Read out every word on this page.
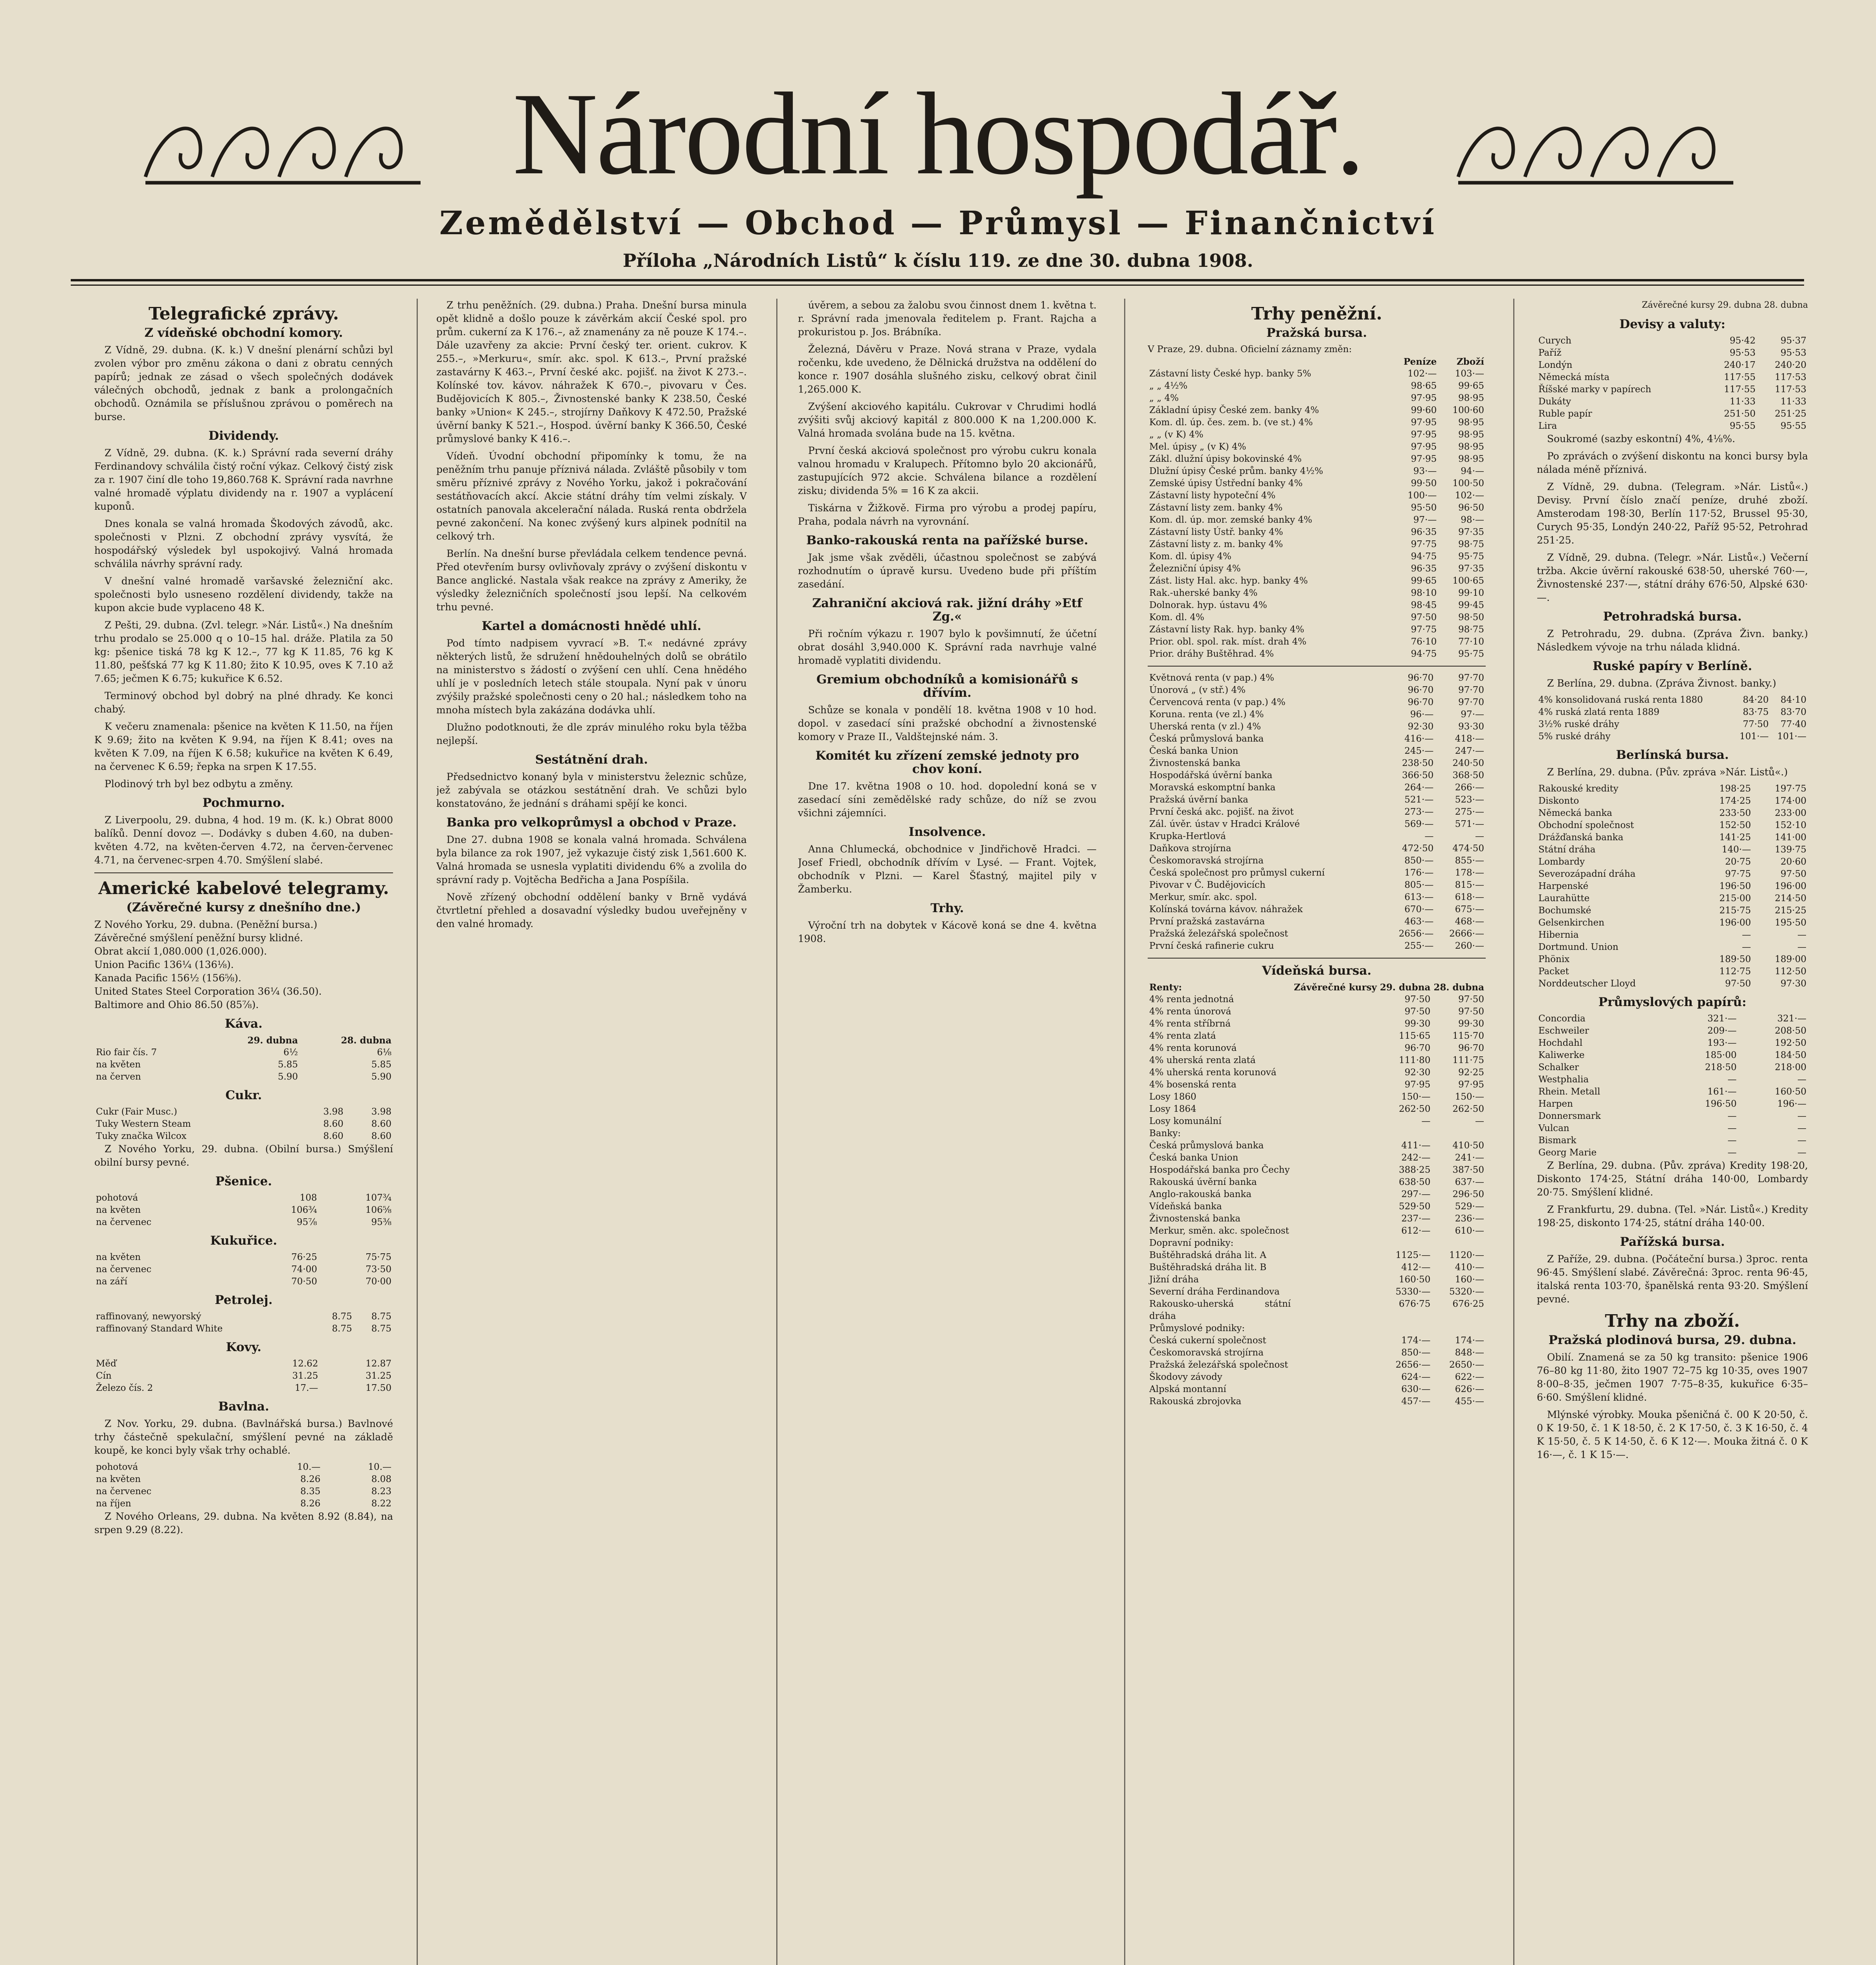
Národní hospodář.
Zemědělství — Obchod — Průmysl — Finančnictví
Příloha „Národních Listů“ k číslu 119. ze dne 30. dubna 1908.
Telegrafické zprávy.
Z vídeňské obchodní komory.

Z Vídně, 29. dubna. (K. k.) V dnešní plenární schůzi byl zvolen výbor pro změnu zákona o dani z obratu cenných papírů; jednak ze zásad o všech společných dodávek válečných obchodů, jednak z bank a prolongačních obchodů. Oznámila se příslušnou zprávou o poměrech na burse.

Dividendy.

Z Vídně, 29. dubna. (K. k.) Správní rada severní dráhy Ferdinandovy schválila čistý roční výkaz. Celkový čistý zisk za r. 1907 činí dle toho 19,860.768 K. Správní rada navrhne valné hromadě výplatu dividendy na r. 1907 a vyplácení kuponů.

Dnes konala se valná hromada Škodových závodů, akc. společnosti v Plzni. Z obchodní zprávy vysvítá, že hospodářský výsledek byl uspokojivý. Valná hromada schválila návrhy správní rady.

V dnešní valné hromadě varšavské železniční akc. společnosti bylo usneseno rozdělení dividendy, takže na kupon akcie bude vyplaceno 48 K.

Z Pešti, 29. dubna. (Zvl. telegr. »Nár. Listů«.) Na dnešním trhu prodalo se 25.000 q o 10–15 hal. dráže. Platila za 50 kg: pšenice tiská 78 kg K 12.–, 77 kg K 11.85, 76 kg K 11.80, pešťská 77 kg K 11.80; žito K 10.95, oves K 7.10 až 7.65; ječmen K 6.75; kukuřice K 6.52.

Terminový obchod byl dobrý na plné dhrady. Ke konci chabý.

K večeru znamenala: pšenice na květen K 11.50, na říjen K 9.69; žito na květen K 9.94, na říjen K 8.41; oves na květen K 7.09, na říjen K 6.58; kukuřice na květen K 6.49, na červenec K 6.59; řepka na srpen K 17.55.

Plodinový trh byl bez odbytu a změny.

Pochmurno.

Z Liverpoolu, 29. dubna, 4 hod. 19 m. (K. k.) Obrat 8000 balíků. Denní dovoz —. Dodávky s duben 4.60, na duben-květen 4.72, na květen-červen 4.72, na červen-červenec 4.71, na červenec-srpen 4.70. Smýšlení slabé.

Americké kabelové telegramy.
(Závěrečné kursy z dnešního dne.)
Z Nového Yorku, 29. dubna. (Peněžní bursa.)
Závěrečné smýšlení peněžní bursy klidné.
Obrat akcií 1,080.000 (1,026.000).
Union Pacific 136¼ (136⅛).
Kanada Pacific 156½ (156⅝).
United States Steel Corporation 36¼ (36.50).
Baltimore and Ohio 86.50 (85⅞).
Káva.
	29. dubna	28. dubna
Rio fair čís. 7	6½	6⅛
na květen	5.85	5.85
na červen	5.90	5.90
Cukr.
Cukr (Fair Musc.)	3.98	3.98
Tuky Western Steam	8.60	8.60
Tuky značka Wilcox	8.60	8.60

Z Nového Yorku, 29. dubna. (Obilní bursa.) Smýšlení obilní bursy pevné.

Pšenice.
pohotová	108	107¾
na květen	106¾	106⅝
na červenec	95⅞	95⅜
Kukuřice.
na květen	76·25	75·75
na červenec	74·00	73·50
na září	70·50	70·00
Petrolej.
raffinovaný, newyorský	8.75	8.75
raffinovaný Standard White	8.75	8.75
Kovy.
Měď	12.62	12.87
Cín	31.25	31.25
Železo čís. 2	17.—	17.50
Bavlna.

Z Nov. Yorku, 29. dubna. (Bavlnářská bursa.) Bavlnové trhy částečně spekulační, smýšlení pevné na základě koupě, ke konci byly však trhy ochablé.

pohotová	10.—	10.—
na květen	8.26	8.08
na červenec	8.35	8.23
na říjen	8.26	8.22

Z Nového Orleans, 29. dubna. Na květen 8.92 (8.84), na srpen 9.29 (8.22).

Z trhu peněžních. (29. dubna.) Praha. Dnešní bursa minula opět klidně a došlo pouze k závěrkám akcií České spol. pro prům. cukerní za K 176.–, až znamenány za ně pouze K 174.–. Dále uzavřeny za akcie: První český ter. orient. cukrov. K 255.–, »Merkuru«, smír. akc. spol. K 613.–, První pražské zastavárny K 463.–, První české akc. pojišť. na život K 273.–. Kolínské tov. kávov. náhražek K 670.–, pivovaru v Čes. Budějovicích K 805.–, Živnostenské banky K 238.50, České banky »Union« K 245.–, strojírny Daňkovy K 472.50, Pražské úvěrní banky K 521.–, Hospod. úvěrní banky K 366.50, České průmyslové banky K 416.–.

Vídeň. Úvodní obchodní připomínky k tomu, že na peněžním trhu panuje příznivá nálada. Zvláště působily v tom směru příznivé zprávy z Nového Yorku, jakož i pokračování sestátňovacích akcí. Akcie státní dráhy tím velmi získaly. V ostatních panovala akcelerační nálada. Ruská renta obdržela pevné zakončení. Na konec zvýšený kurs alpinek podnítil na celkový trh.

Berlín. Na dnešní burse převládala celkem tendence pevná. Před otevřením bursy ovlivňovaly zprávy o zvýšení diskontu v Bance anglické. Nastala však reakce na zprávy z Ameriky, že výsledky železničních společností jsou lepší. Na celkovém trhu pevné.

Kartel a domácnosti hnědé uhlí.

Pod tímto nadpisem vyvrací »B. T.« nedávné zprávy některých listů, že sdružení hnědouhelných dolů se obrátilo na ministerstvo s žádostí o zvýšení cen uhlí. Cena hnědého uhlí je v posledních letech stále stoupala. Nyní pak v únoru zvýšily pražské společnosti ceny o 20 hal.; následkem toho na mnoha místech byla zakázána dodávka uhlí.

Dlužno podotknouti, že dle zpráv minulého roku byla těžba nejlepší.

Sestátnění drah.

Předsednictvo konaný byla v ministerstvu železnic schůze, jež zabývala se otázkou sestátnění drah. Ve schůzi bylo konstatováno, že jednání s dráhami spějí ke konci.

Banka pro velkoprůmysl a obchod v Praze.

Dne 27. dubna 1908 se konala valná hromada. Schválena byla bilance za rok 1907, jež vykazuje čistý zisk 1,561.600 K. Valná hromada se usnesla vyplatiti dividendu 6% a zvolila do správní rady p. Vojtěcha Bedřicha a Jana Pospíšila.

Nově zřízený obchodní oddělení banky v Brně vydává čtvrtletní přehled a dosavadní výsledky budou uveřejněny v den valné hromady.

úvěrem, a sebou za žalobu svou činnost dnem 1. května t. r. Správní rada jmenovala ředitelem p. Frant. Rajcha a prokuristou p. Jos. Brábníka.

Železná, Dávěru v Praze. Nová strana v Praze, vydala ročenku, kde uvedeno, že Dělnická družstva na oddělení do konce r. 1907 dosáhla slušného zisku, celkový obrat činil 1,265.000 K.

Zvýšení akciového kapitálu. Cukrovar v Chrudimi hodlá zvýšiti svůj akciový kapitál z 800.000 K na 1,200.000 K. Valná hromada svolána bude na 15. května.

První česká akciová společnost pro výrobu cukru konala valnou hromadu v Kralupech. Přítomno bylo 20 akcionářů, zastupujících 972 akcie. Schválena bilance a rozdělení zisku; dividenda 5% = 16 K za akcii.

Tiskárna v Žižkově. Firma pro výrobu a prodej papíru, Praha, podala návrh na vyrovnání.

Banko-rakouská renta na pařížské burse.

Jak jsme však zvěděli, účastnou společnost se zabývá rozhodnutím o úpravě kursu. Uvedeno bude při příštím zasedání.

Zahraniční akciová rak. jižní dráhy »Etf Zg.«

Při ročním výkazu r. 1907 bylo k povšimnutí, že účetní obrat dosáhl 3,940.000 K. Správní rada navrhuje valné hromadě vyplatiti dividendu.

Gremium obchodníků a komisionářů s dřívím.

Schůze se konala v pondělí 18. května 1908 v 10 hod. dopol. v zasedací síni pražské obchodní a živnostenské komory v Praze II., Valdštejnské nám. 3.

Komitét ku zřízení zemské jednoty pro chov koní.

Dne 17. května 1908 o 10. hod. dopolední koná se v zasedací síni zemědělské rady schůze, do níž se zvou všichni zájemníci.

Insolvence.

Anna Chlumecká, obchodnice v Jindřichově Hradci. — Josef Friedl, obchodník dřívím v Lysé. — Frant. Vojtek, obchodník v Plzni. — Karel Šťastný, majitel pily v Žamberku.

Trhy.

Výroční trh na dobytek v Kácově koná se dne 4. května 1908.

Trhy peněžní.
Pražská bursa.
V Praze, 29. dubna. Oficielní záznamy změn:
	Peníze	Zboží
Zástavní listy České hyp. banky 5%	102·—	103·—
„ „ 4½%	98·65	99·65
„ „ 4%	97·95	98·95
Základní úpisy České zem. banky 4%	99·60	100·60
Kom. dl. úp. čes. zem. b. (ve st.) 4%	97·95	98·95
„ „ (v K) 4%	97·95	98·95
Mel. úpisy „ (v K) 4%	97·95	98·95
Zákl. dlužní úpisy bokovinské 4%	97·95	98·95
Dlužní úpisy České prům. banky 4½%	93·—	94·—
Zemské úpisy Ústřední banky 4%	99·50	100·50
Zástavní listy hypoteční 4%	100·—	102·—
Zástavní listy zem. banky 4%	95·50	96·50
Kom. dl. úp. mor. zemské banky 4%	97·—	98·—
Zástavní listy Ústř. banky 4%	96·35	97·35
Zástavní listy z. m. banky 4%	97·75	98·75
Kom. dl. úpisy 4%	94·75	95·75
Železniční úpisy 4%	96·35	97·35
Zást. listy Hal. akc. hyp. banky 4%	99·65	100·65
Rak.-uherské banky 4%	98·10	99·10
Dolnorak. hyp. ústavu 4%	98·45	99·45
Kom. dl. 4%	97·50	98·50
Zástavní listy Rak. hyp. banky 4%	97·75	98·75
Prior. obl. spol. rak. míst. drah 4%	76·10	77·10
Prior. dráhy Buštěhrad. 4%	94·75	95·75
Květnová renta (v pap.) 4%	96·70	97·70
Únorová „ (v stř.) 4%	96·70	97·70
Červencová renta (v pap.) 4%	96·70	97·70
Koruna. renta (ve zl.) 4%	96·—	97·—
Uherská renta (v zl.) 4%	92·30	93·30
Česká průmyslová banka	416·—	418·—
Česká banka Union	245·—	247·—
Živnostenská banka	238·50	240·50
Hospodářská úvěrní banka	366·50	368·50
Moravská eskomptní banka	264·—	266·—
Pražská úvěrní banka	521·—	523·—
První česká akc. pojišť. na život	273·—	275·—
Zál. úvěr. ústav v Hradci Králové	569·—	571·—
Krupka-Hertlová	—	—
Daňkova strojírna	472·50	474·50
Českomoravská strojírna	850·—	855·—
Česká společnost pro průmysl cukerní	176·—	178·—
Pivovar v Č. Budějovicích	805·—	815·—
Merkur, smír. akc. spol.	613·—	618·—
Kolínská továrna kávov. náhražek	670·—	675·—
První pražská zastavárna	463·—	468·—
Pražská železářská společnost	2656·—	2666·—
První česká rafinerie cukru	255·—	260·—
Vídeňská bursa.
Renty:	Závěrečné kursy 29. dubna	28. dubna
4% renta jednotná	97·50	97·50
4% renta únorová	97·50	97·50
4% renta stříbrná	99·30	99·30
4% renta zlatá	115·65	115·70
4% renta korunová	96·70	96·70
4% uherská renta zlatá	111·80	111·75
4% uherská renta korunová	92·30	92·25
4% bosenská renta	97·95	97·95
Losy 1860	150·—	150·—
Losy 1864	262·50	262·50
Losy komunální	—	—
Banky:		
Česká průmyslová banka	411·—	410·50
Česká banka Union	242·—	241·—
Hospodářská banka pro Čechy	388·25	387·50
Rakouská úvěrní banka	638·50	637·—
Anglo-rakouská banka	297·—	296·50
Vídeňská banka	529·50	529·—
Živnostenská banka	237·—	236·—
Merkur, směn. akc. společnost	612·—	610·—
Dopravní podniky:		
Buštěhradská dráha lit. A	1125·—	1120·—
Buštěhradská dráha lit. B	412·—	410·—
Jižní dráha	160·50	160·—
Severní dráha Ferdinandova	5330·—	5320·—
Rakousko-uherská státní dráha	676·75	676·25
Průmyslové podniky:		
Česká cukerní společnost	174·—	174·—
Českomoravská strojírna	850·—	848·—
Pražská železářská společnost	2656·—	2650·—
Škodovy závody	624·—	622·—
Alpská montanní	630·—	626·—
Rakouská zbrojovka	457·—	455·—
Závěrečné kursy 29. dubna 28. dubna
Devisy a valuty:
Curych	95·42	95·37
Paříž	95·53	95·53
Londýn	240·17	240·20
Německá místa	117·55	117·53
Říšské marky v papírech	117·55	117·53
Dukáty	11·33	11·33
Ruble papír	251·50	251·25
Lira	95·55	95·55

Soukromé (sazby eskontní) 4%, 4⅛%.

Po zprávách o zvýšení diskontu na konci bursy byla nálada méně příznivá.

Z Vídně, 29. dubna. (Telegram. »Nár. Listů«.) Devisy. První číslo značí peníze, druhé zboží. Amsterodam 198·30, Berlín 117·52, Brussel 95·30, Curych 95·35, Londýn 240·22, Paříž 95·52, Petrohrad 251·25.

Z Vídně, 29. dubna. (Telegr. »Nár. Listů«.) Večerní tržba. Akcie úvěrní rakouské 638·50, uherské 760·—, Živnostenské 237·—, státní dráhy 676·50, Alpské 630·—.

Petrohradská bursa.

Z Petrohradu, 29. dubna. (Zpráva Živn. banky.) Následkem vývoje na trhu nálada klidná.

Ruské papíry v Berlíně.

Z Berlína, 29. dubna. (Zpráva Živnost. banky.)

4% konsolidovaná ruská renta 1880	84·20	84·10
4% ruská zlatá renta 1889	83·75	83·70
3½% ruské dráhy	77·50	77·40
5% ruské dráhy	101·—	101·—
Berlínská bursa.

Z Berlína, 29. dubna. (Pův. zpráva »Nár. Listů«.)

Rakouské kredity	198·25	197·75
Diskonto	174·25	174·00
Německá banka	233·50	233·00
Obchodní společnost	152·50	152·10
Drážďanská banka	141·25	141·00
Státní dráha	140·—	139·75
Lombardy	20·75	20·60
Severozápadní dráha	97·75	97·50
Harpenské	196·50	196·00
Laurahütte	215·00	214·50
Bochumské	215·75	215·25
Gelsenkirchen	196·00	195·50
Hibernia	—	—
Dortmund. Union	—	—
Phönix	189·50	189·00
Packet	112·75	112·50
Norddeutscher Lloyd	97·50	97·30
Průmyslových papírů:
Concordia	321·—	321·—
Eschweiler	209·—	208·50
Hochdahl	193·—	192·50
Kaliwerke	185·00	184·50
Schalker	218·50	218·00
Westphalia	—	—
Rhein. Metall	161·—	160·50
Harpen	196·50	196·—
Donnersmark	—	—
Vulcan	—	—
Bismark	—	—
Georg Marie	—	—

Z Berlína, 29. dubna. (Pův. zpráva) Kredity 198·20, Diskonto 174·25, Státní dráha 140·00, Lombardy 20·75. Smýšlení klidné.

Z Frankfurtu, 29. dubna. (Tel. »Nár. Listů«.) Kredity 198·25, diskonto 174·25, státní dráha 140·00.

Pařížská bursa.

Z Paříže, 29. dubna. (Počáteční bursa.) 3proc. renta 96·45. Smýšlení slabé. Závěrečná: 3proc. renta 96·45, italská renta 103·70, španělská renta 93·20. Smýšlení pevné.

Trhy na zboží.
Pražská plodinová bursa, 29. dubna.

Obilí. Znamená se za 50 kg transito: pšenice 1906 76–80 kg 11·80, žito 1907 72–75 kg 10·35, oves 1907 8·00–8·35, ječmen 1907 7·75–8·35, kukuřice 6·35–6·60. Smýšlení klidné.

Mlýnské výrobky. Mouka pšeničná č. 00 K 20·50, č. 0 K 19·50, č. 1 K 18·50, č. 2 K 17·50, č. 3 K 16·50, č. 4 K 15·50, č. 5 K 14·50, č. 6 K 12·—. Mouka žitná č. 0 K 16·—, č. 1 K 15·—.
